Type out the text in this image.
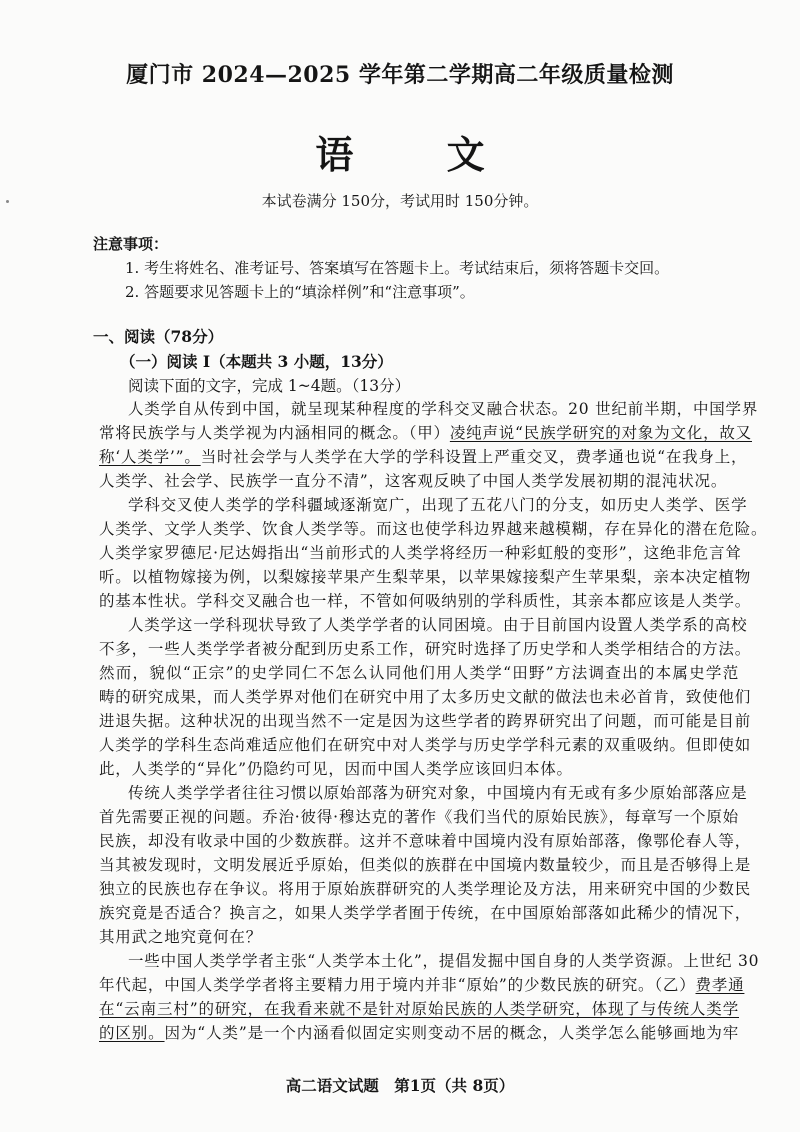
厦门市 2024—2025 学年第二学期高二年级质量检测
语 文
本试卷满分 150分，考试用时 150分钟。
注意事项：
1. 考生将姓名、准考证号、答案填写在答题卡上。考试结束后，须将答题卡交回。
2. 答题要求见答题卡上的“填涂样例”和“注意事项”。
一、阅读（78分）
（一）阅读 I（本题共 3 小题，13分）
阅读下面的文字，完成 1~4题。（13分）
人类学自从传到中国，就呈现某种程度的学科交叉融合状态。20 世纪前半期，中国学界
常将民族学与人类学视为内涵相同的概念。（甲）凌纯声说“民族学研究的对象为文化，故又
称‘人类学’”。当时社会学与人类学在大学的学科设置上严重交叉，费孝通也说“在我身上，
人类学、社会学、民族学一直分不清”，这客观反映了中国人类学发展初期的混沌状况。
学科交叉使人类学的学科疆域逐渐宽广，出现了五花八门的分支，如历史人类学、医学
人类学、文学人类学、饮食人类学等。而这也使学科边界越来越模糊，存在异化的潜在危险。
人类学家罗德尼·尼达姆指出“当前形式的人类学将经历一种彩虹般的变形”，这绝非危言耸
听。以植物嫁接为例，以梨嫁接苹果产生梨苹果，以苹果嫁接梨产生苹果梨，亲本决定植物
的基本性状。学科交叉融合也一样，不管如何吸纳别的学科质性，其亲本都应该是人类学。
人类学这一学科现状导致了人类学学者的认同困境。由于目前国内设置人类学系的高校
不多，一些人类学学者被分配到历史系工作，研究时选择了历史学和人类学相结合的方法。
然而，貌似“正宗”的史学同仁不怎么认同他们用人类学“田野”方法调查出的本属史学范
畴的研究成果，而人类学界对他们在研究中用了太多历史文献的做法也未必首肯，致使他们
进退失据。这种状况的出现当然不一定是因为这些学者的跨界研究出了问题，而可能是目前
人类学的学科生态尚难适应他们在研究中对人类学与历史学学科元素的双重吸纳。但即使如
此，人类学的“异化”仍隐约可见，因而中国人类学应该回归本体。
传统人类学学者往往习惯以原始部落为研究对象，中国境内有无或有多少原始部落应是
首先需要正视的问题。乔治·彼得·穆达克的著作《我们当代的原始民族》，每章写一个原始
民族，却没有收录中国的少数族群。这并不意味着中国境内没有原始部落，像鄂伦春人等，
当其被发现时，文明发展近乎原始，但类似的族群在中国境内数量较少，而且是否够得上是
独立的民族也存在争议。将用于原始族群研究的人类学理论及方法，用来研究中国的少数民
族究竟是否适合？换言之，如果人类学学者囿于传统，在中国原始部落如此稀少的情况下，
其用武之地究竟何在？
一些中国人类学学者主张“人类学本土化”，提倡发掘中国自身的人类学资源。上世纪 30
年代起，中国人类学学者将主要精力用于境内并非“原始”的少数民族的研究。（乙）费孝通
在“云南三村”的研究，在我看来就不是针对原始民族的人类学研究，体现了与传统人类学
的区别。因为“人类”是一个内涵看似固定实则变动不居的概念，人类学怎么能够画地为牢
高二语文试题　第1页（共 8页）
